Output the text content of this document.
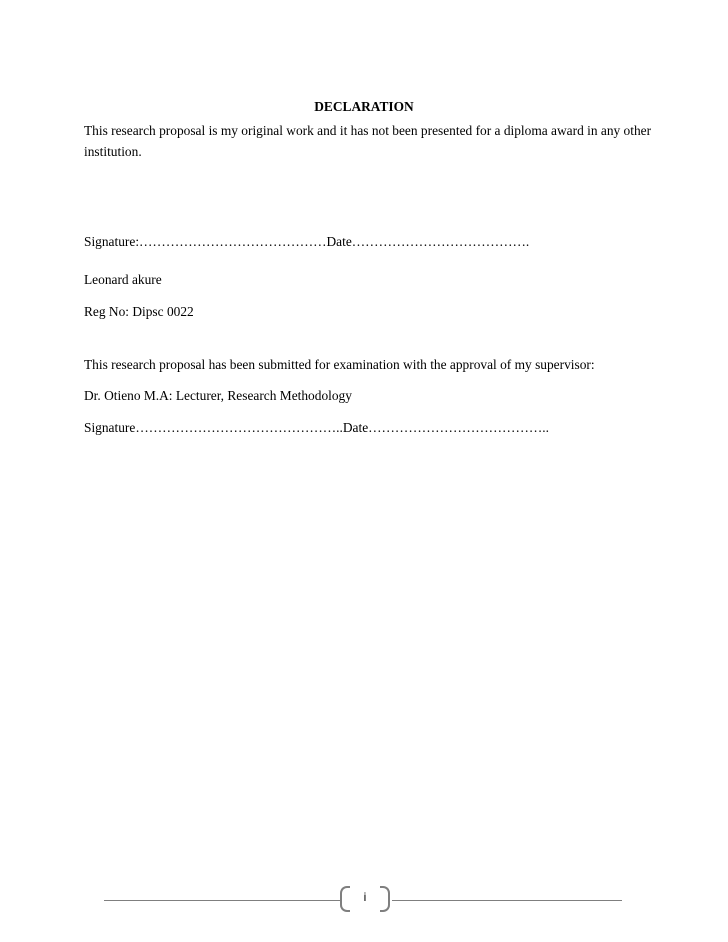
DECLARATION
This research proposal is my original work and it has not been presented for a diploma award in any other institution.
Signature:……………………………………Date………………………………….
Leonard akure
Reg No: Dipsc 0022
This research proposal has been submitted for examination with the approval of my supervisor:
Dr. Otieno M.A: Lecturer, Research Methodology
Signature………………………………………..Date…………………………………..
i
